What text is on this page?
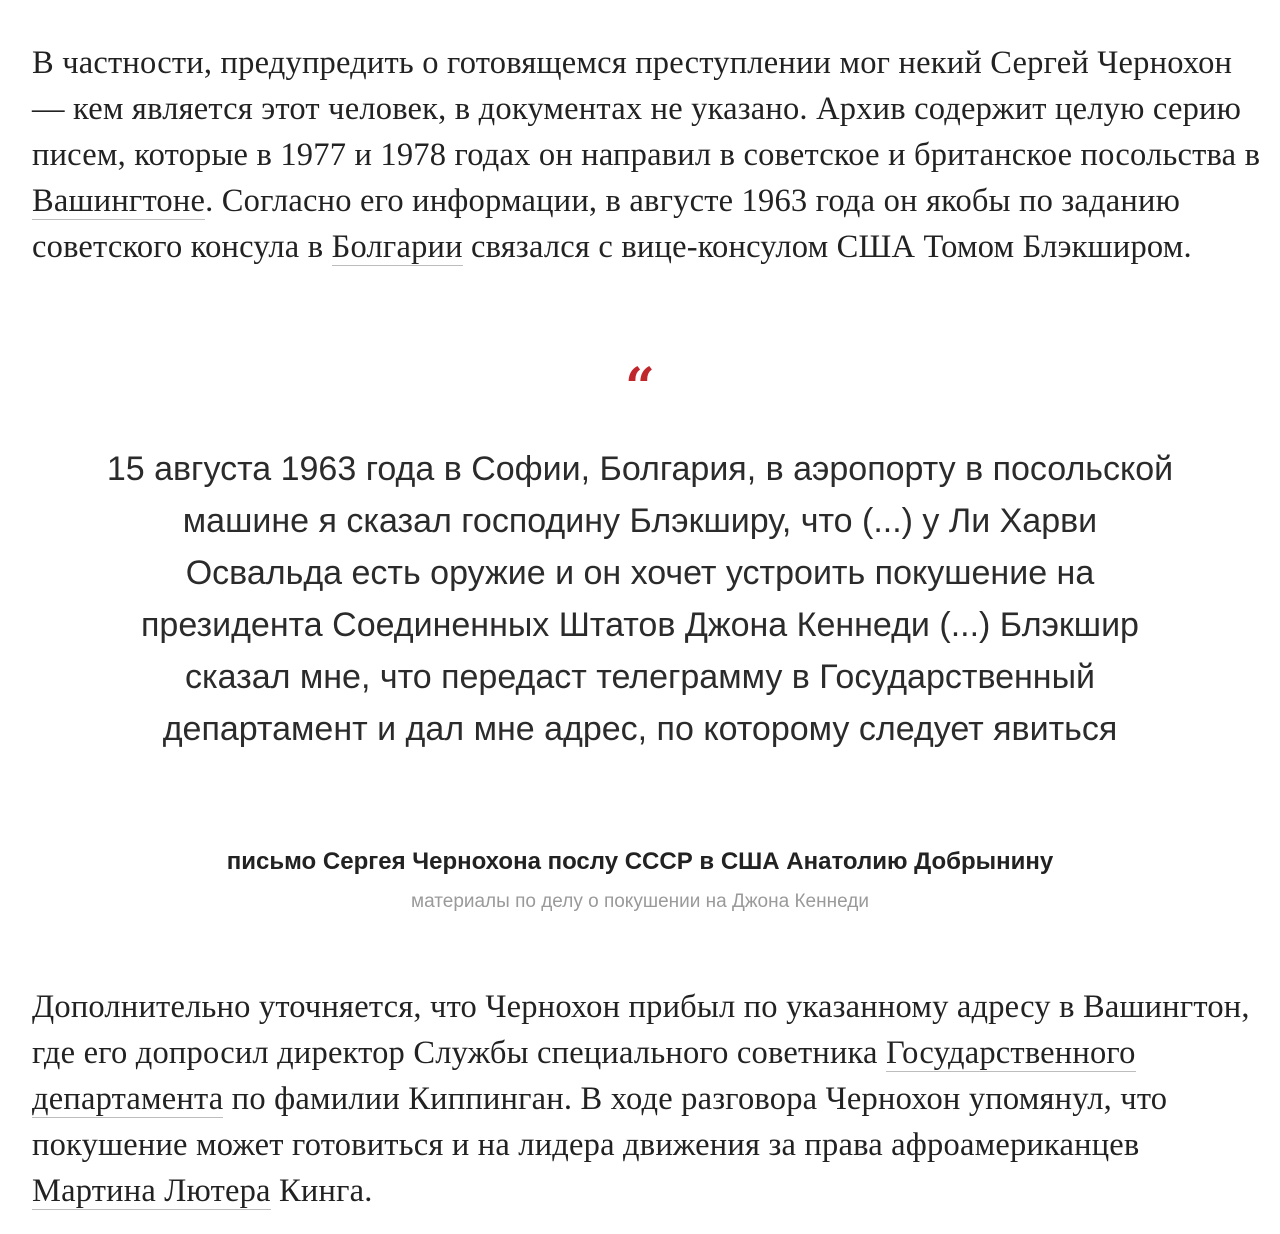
В частности, предупредить о готовящемся преступлении мог некий Сергей Чернохон — кем является этот человек, в документах не указано. Архив содержит целую серию писем, которые в 1977 и 1978 годах он направил в советское и британское посольства в Вашингтоне. Согласно его информации, в августе 1963 года он якобы по заданию советского консула в Болгарии связался с вице-консулом США Томом Блэкширом.

Дополнительно уточняется, что Чернохон прибыл по указанному адресу в Вашингтон, где его допросил директор Службы специального советника Государственного департамента по фамилии Киппинган. В ходе разговора Чернохон упомянул, что покушение может готовиться и на лидера движения за права афроамериканцев Мартина Лютера Кинга.

“

15 августа 1963 года в Софии, Болгария, в аэропорту в посольской машине я сказал господину Блэкширу, что (...) у Ли Харви Освальда есть оружие и он хочет устроить покушение на президента Соединенных Штатов Джона Кеннеди (...) Блэкшир сказал мне, что передаст телеграмму в Государственный департамент и дал мне адрес, по которому следует явиться

письмо Сергея Чернохона послу СССР в США Анатолию Добрынину

материалы по делу о покушении на Джона Кеннеди
